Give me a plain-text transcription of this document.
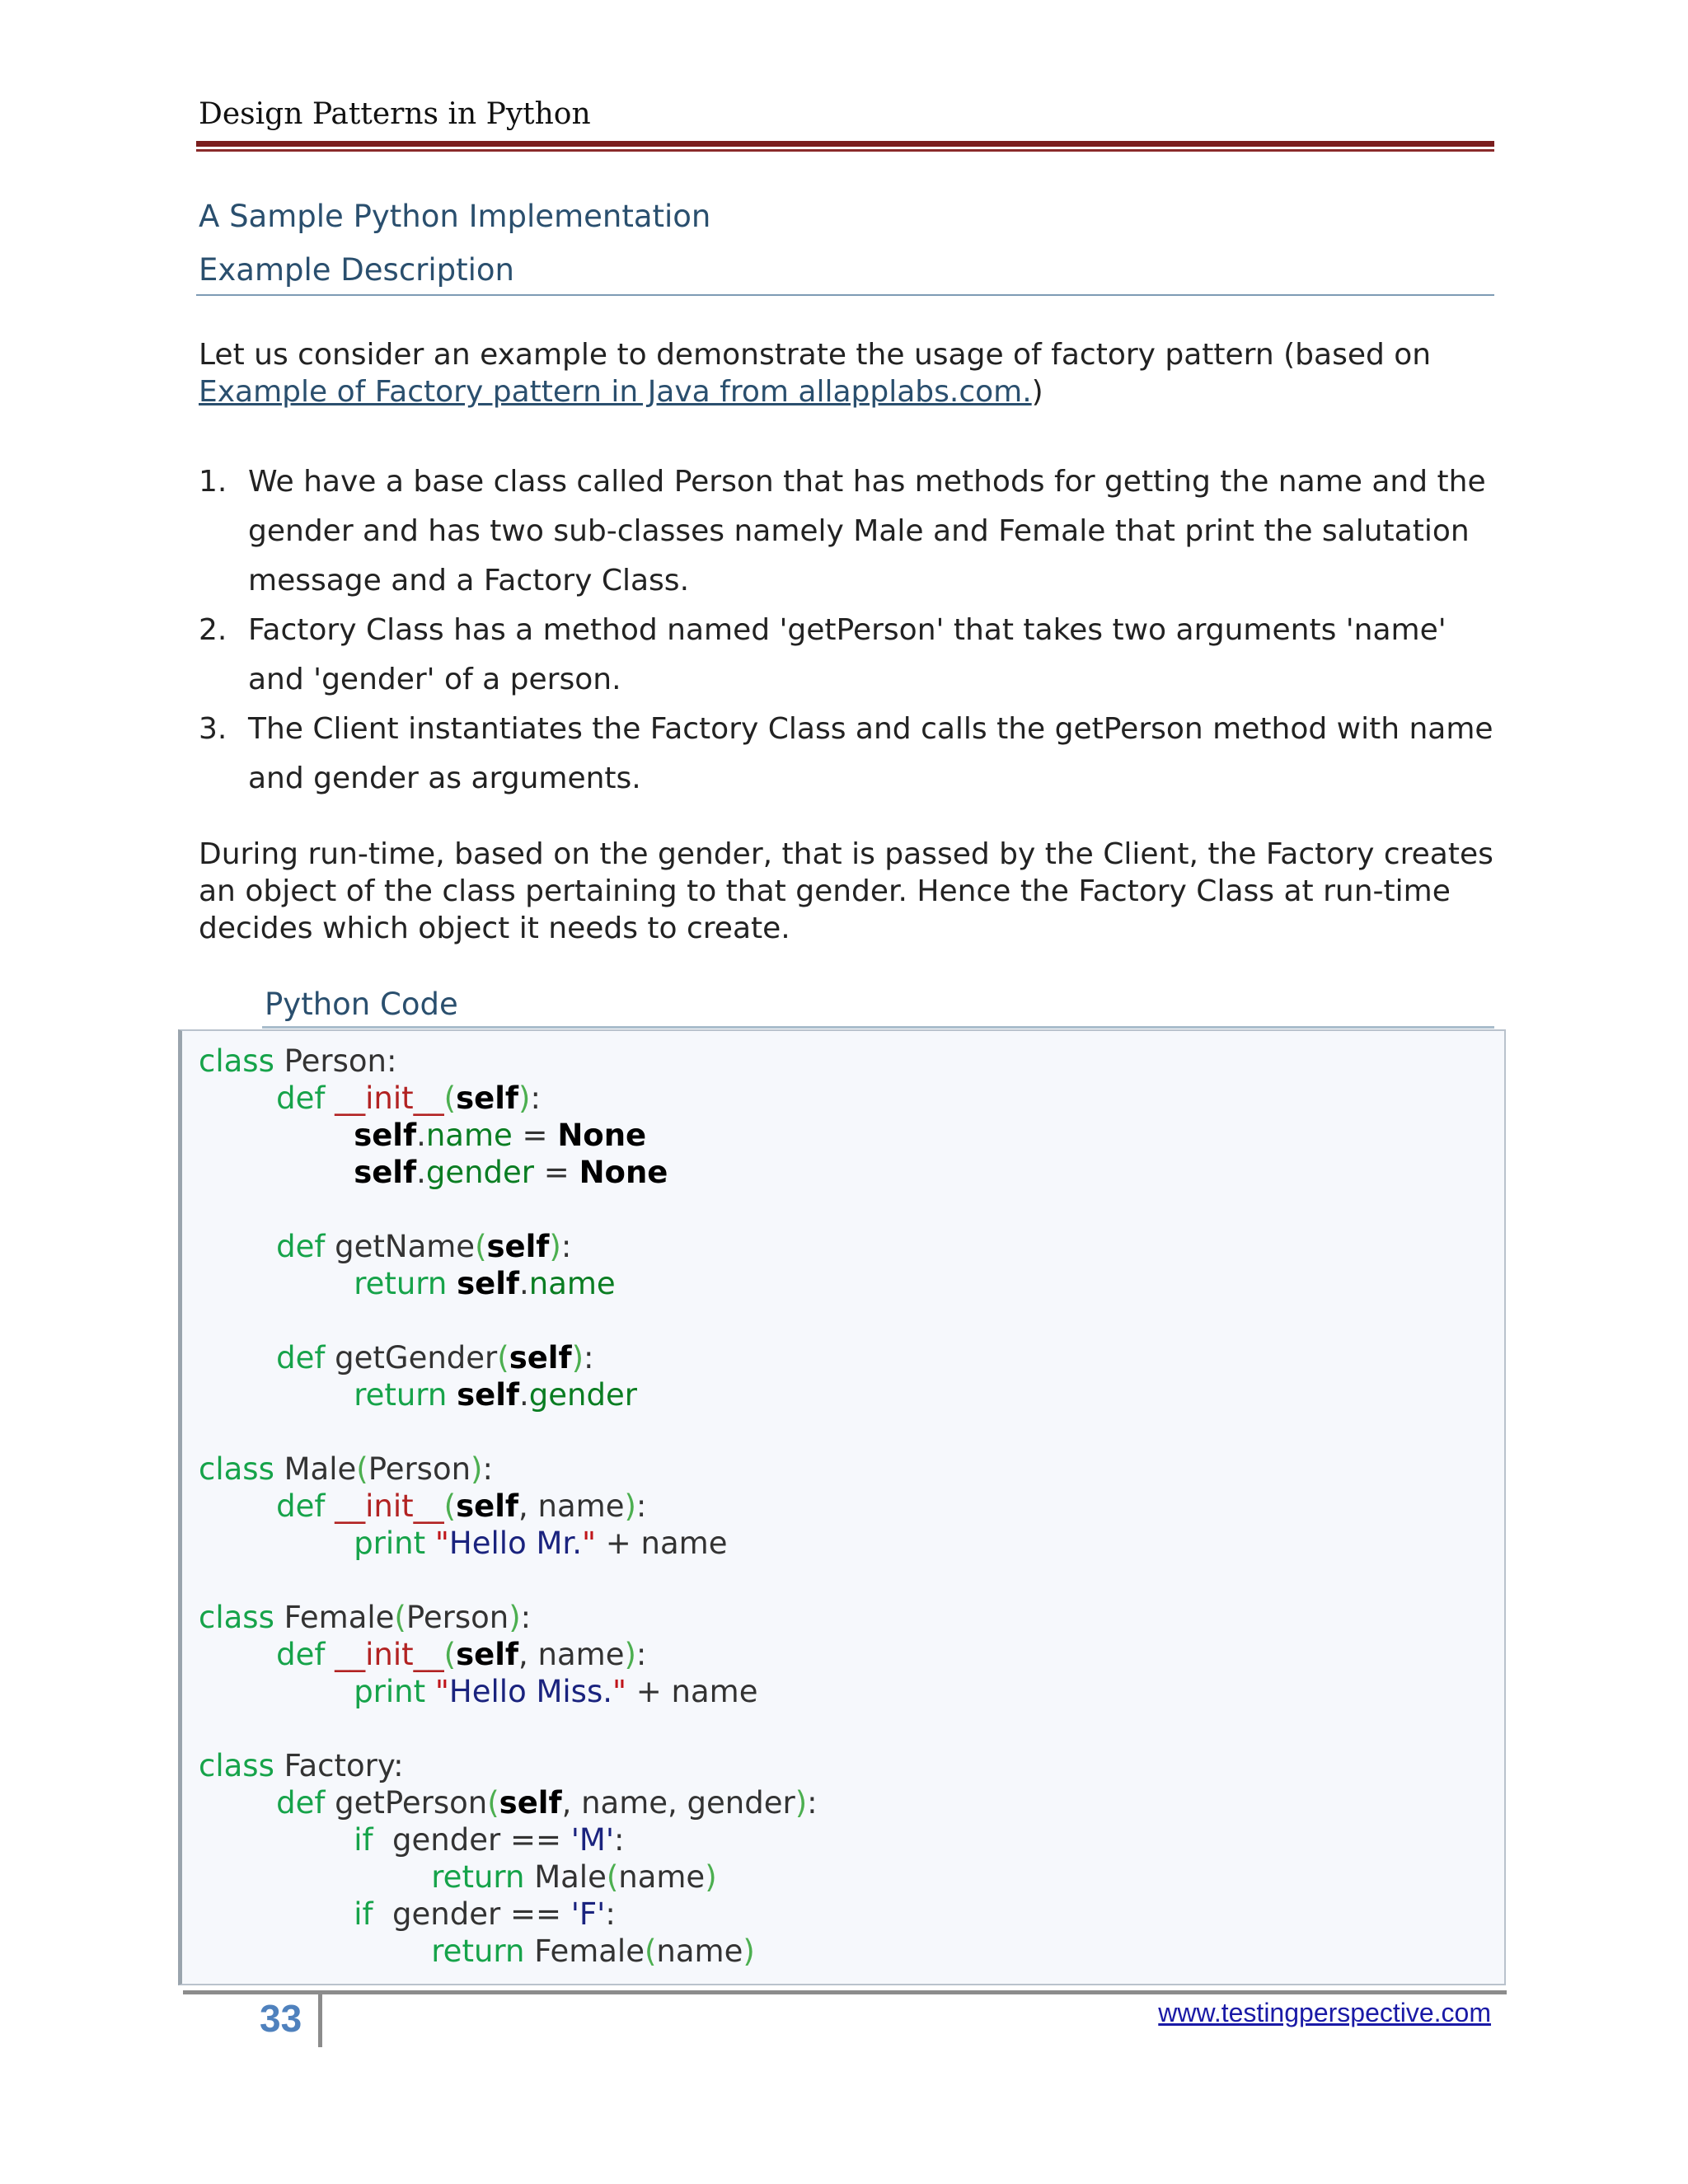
Design Patterns in Python
A Sample Python Implementation
Example Description
Let us consider an example to demonstrate the usage of factory pattern (based on Example of Factory pattern in Java from allapplabs.com.)
1. We have a base class called Person that has methods for getting the name and the gender and has two sub-classes namely Male and Female that print the salutation message and a Factory Class.
2. Factory Class has a method named 'getPerson' that takes two arguments 'name' and 'gender' of a person.
3. The Client instantiates the Factory Class and calls the getPerson method with name and gender as arguments.
During run-time, based on the gender, that is passed by the Client, the Factory creates an object of the class pertaining to that gender. Hence the Factory Class at run-time decides which object it needs to create.
Python Code
class Person:
def __init__(self):
self.name = None
self.gender = None

def getName(self):
return self.name

def getGender(self):
return self.gender

class Male(Person):
def __init__(self, name):
print "Hello Mr." + name

class Female(Person):
def __init__(self, name):
print "Hello Miss." + name

class Factory:
def getPerson(self, name, gender):
if  gender == 'M':
return Male(name)
if  gender == 'F':
return Female(name)
33	www.testingperspective.com
